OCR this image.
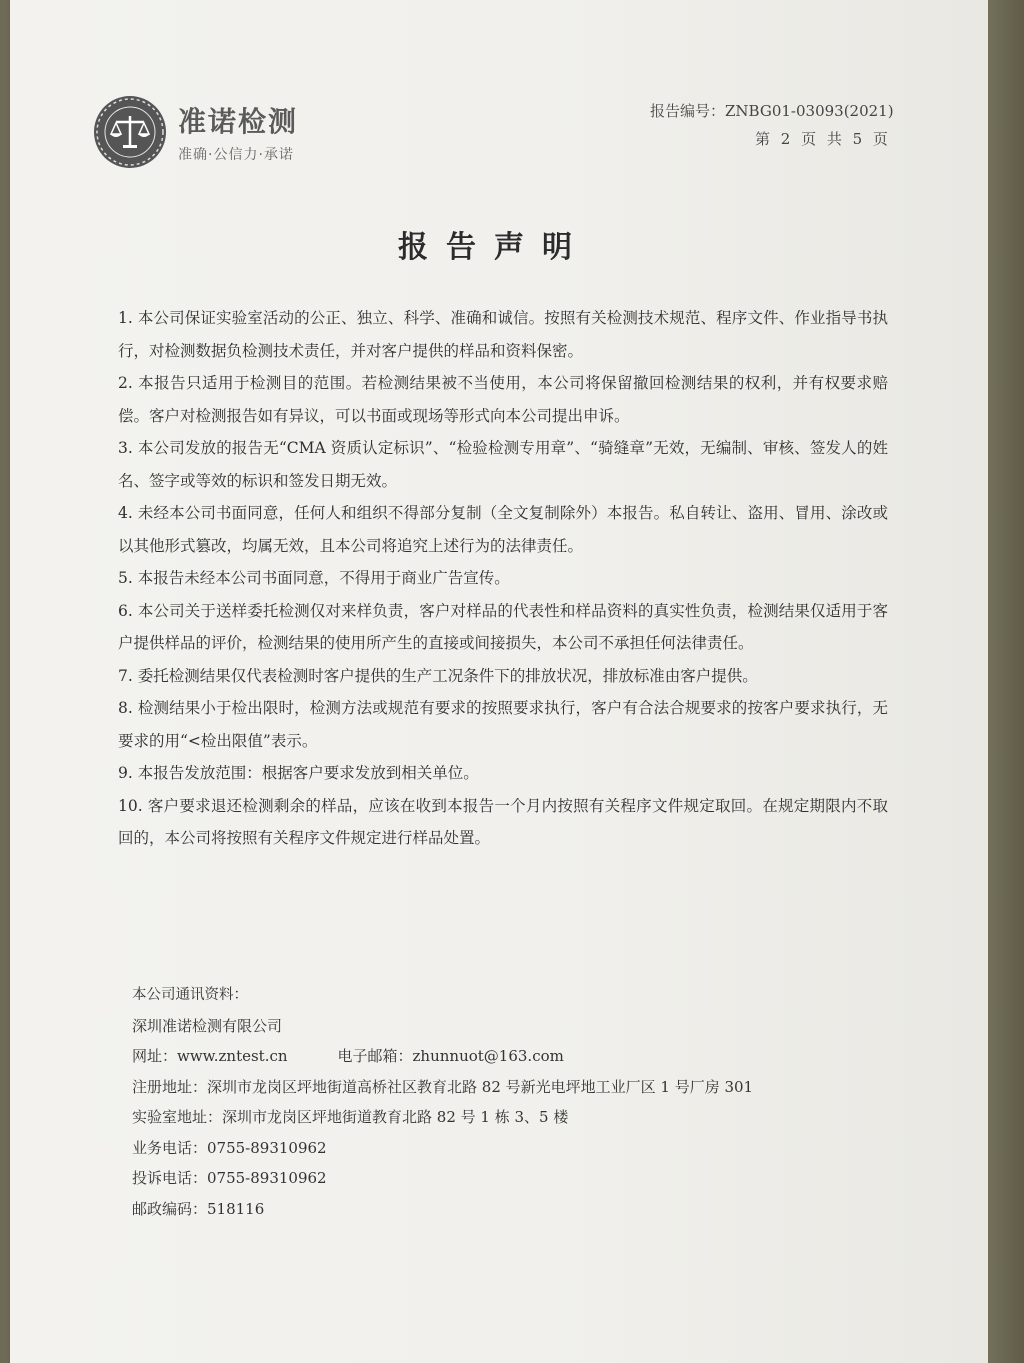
准诺检测
准确·公信力·承诺
报告编号：ZNBG01-03093(2021)
第 2 页 共 5 页
报告声明

1. 本公司保证实验室活动的公正、独立、科学、准确和诚信。按照有关检测技术规范、程序文件、作业指导书执行，对检测数据负检测技术责任，并对客户提供的样品和资料保密。

2. 本报告只适用于检测目的范围。若检测结果被不当使用，本公司将保留撤回检测结果的权利，并有权要求赔偿。客户对检测报告如有异议，可以书面或现场等形式向本公司提出申诉。

3. 本公司发放的报告无“CMA 资质认定标识”、“检验检测专用章”、“骑缝章”无效，无编制、审核、签发人的姓名、签字或等效的标识和签发日期无效。

4. 未经本公司书面同意，任何人和组织不得部分复制（全文复制除外）本报告。私自转让、盗用、冒用、涂改或以其他形式篡改，均属无效，且本公司将追究上述行为的法律责任。

5. 本报告未经本公司书面同意，不得用于商业广告宣传。

6. 本公司关于送样委托检测仅对来样负责，客户对样品的代表性和样品资料的真实性负责，检测结果仅适用于客户提供样品的评价，检测结果的使用所产生的直接或间接损失，本公司不承担任何法律责任。

7. 委托检测结果仅代表检测时客户提供的生产工况条件下的排放状况，排放标准由客户提供。

8. 检测结果小于检出限时，检测方法或规范有要求的按照要求执行，客户有合法合规要求的按客户要求执行，无要求的用“<检出限值”表示。

9. 本报告发放范围：根据客户要求发放到相关单位。

10. 客户要求退还检测剩余的样品，应该在收到本报告一个月内按照有关程序文件规定取回。在规定期限内不取回的，本公司将按照有关程序文件规定进行样品处置。

本公司通讯资料：
深圳准诺检测有限公司
网址：www.zntest.cn	电子邮箱：zhunnuot@163.com
注册地址：深圳市龙岗区坪地街道高桥社区教育北路 82 号新光电坪地工业厂区 1 号厂房 301
实验室地址：深圳市龙岗区坪地街道教育北路 82 号 1 栋 3、5 楼
业务电话：0755-89310962
投诉电话：0755-89310962
邮政编码：518116
